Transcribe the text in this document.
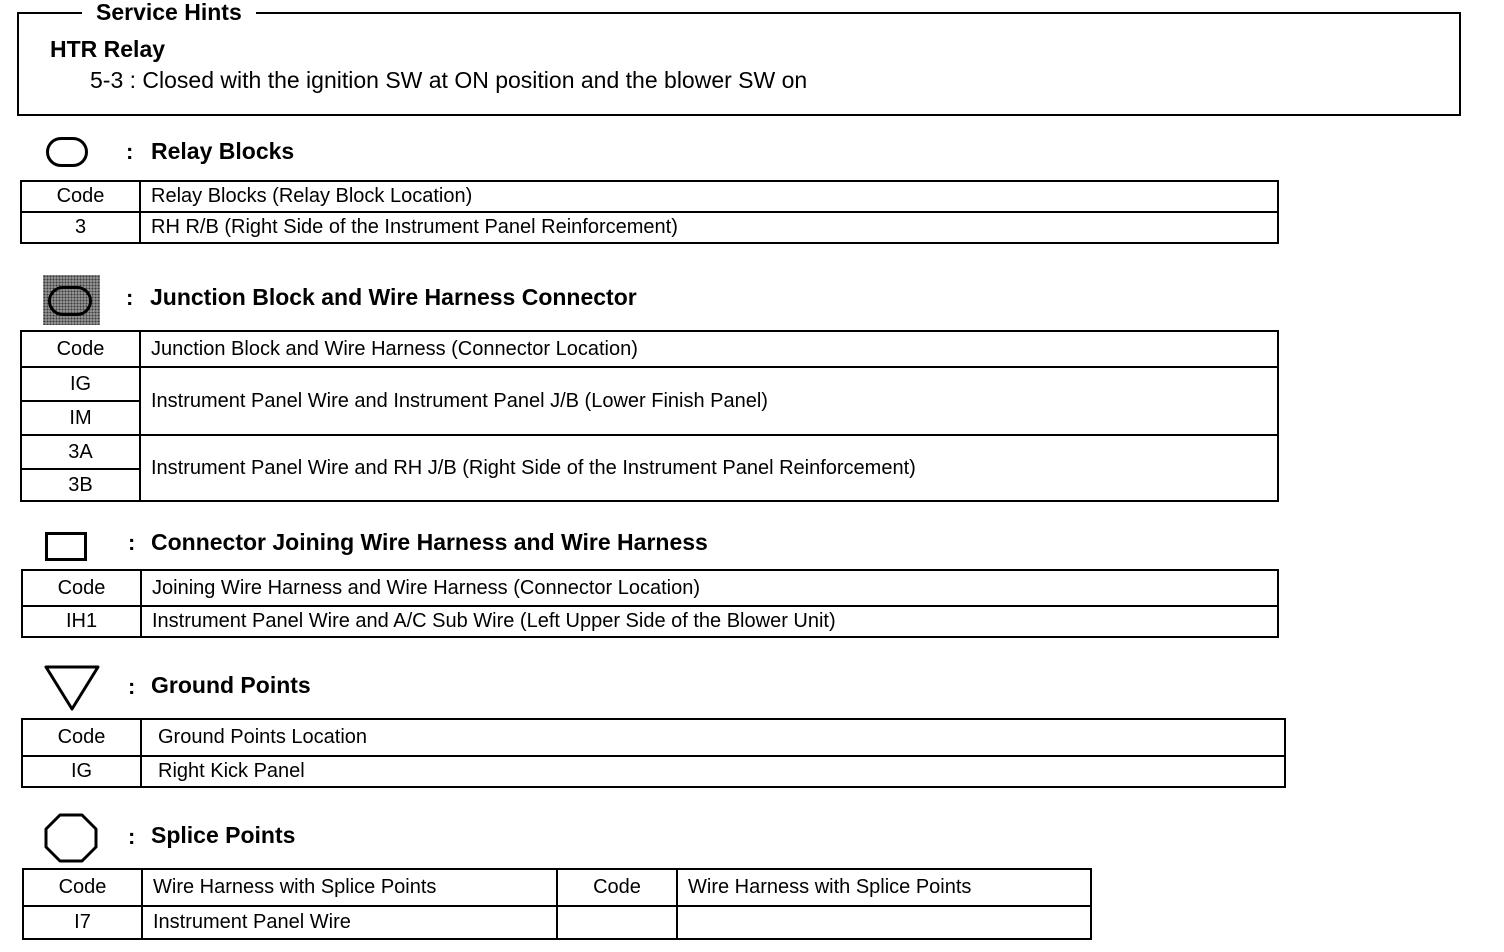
Service Hints
HTR Relay
5-3 : Closed with the ignition SW at ON position and the blower SW on
: Relay Blocks
Code	Relay Blocks (Relay Block Location)
3	RH R/B (Right Side of the Instrument Panel Reinforcement)
: Junction Block and Wire Harness Connector
Code	Junction Block and Wire Harness (Connector Location)
IG	Instrument Panel Wire and Instrument Panel J/B (Lower Finish Panel)
IM	
3A	Instrument Panel Wire and RH J/B (Right Side of the Instrument Panel Reinforcement)
3B	
: Connector Joining Wire Harness and Wire Harness
Code	Joining Wire Harness and Wire Harness (Connector Location)
IH1	Instrument Panel Wire and A/C Sub Wire (Left Upper Side of the Blower Unit)
: Ground Points
Code	Ground Points Location
IG	Right Kick Panel
: Splice Points
Code	Wire Harness with Splice Points	Code	Wire Harness with Splice Points
I7	Instrument Panel Wire		
